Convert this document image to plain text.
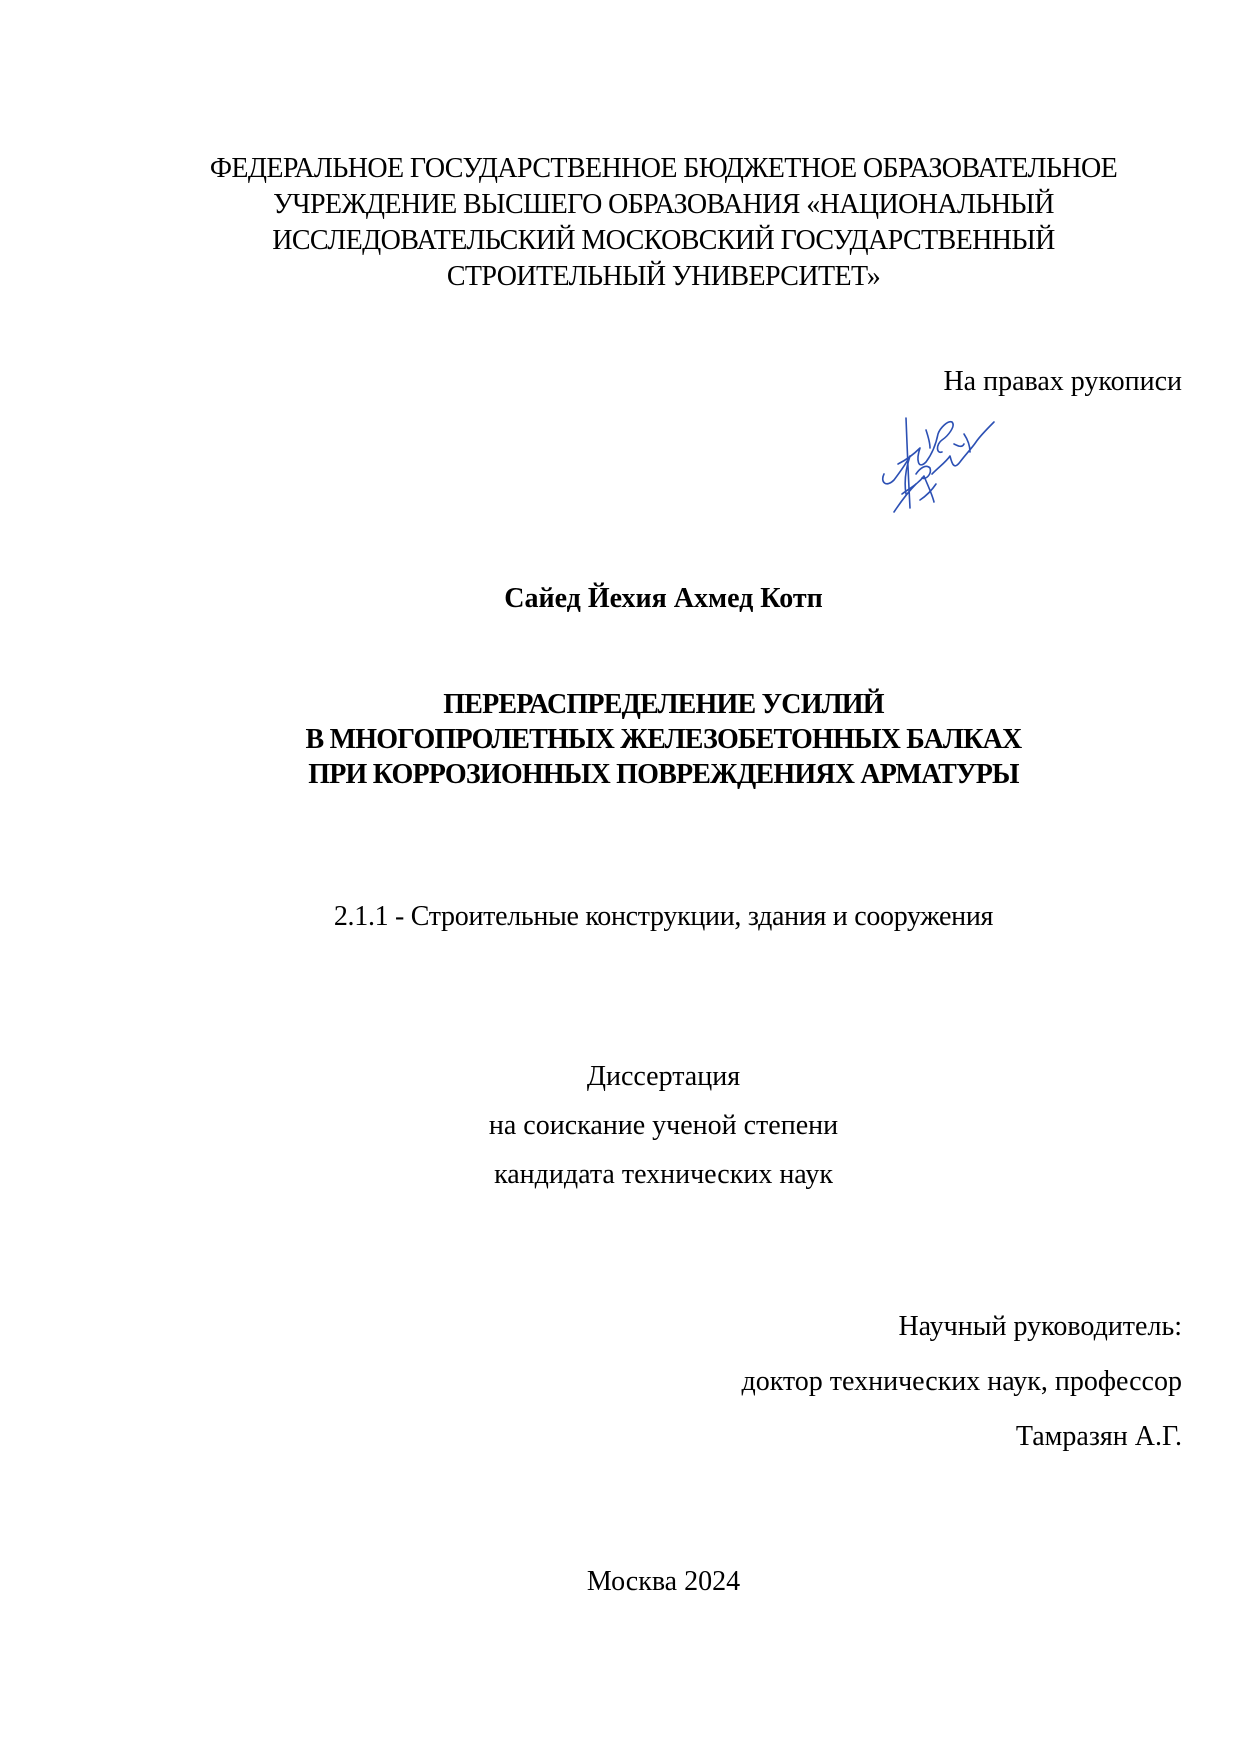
ФЕДЕРАЛЬНОЕ ГОСУДАРСТВЕННОЕ БЮДЖЕТНОЕ ОБРАЗОВАТЕЛЬНОЕ
УЧРЕЖДЕНИЕ ВЫСШЕГО ОБРАЗОВАНИЯ «НАЦИОНАЛЬНЫЙ
ИССЛЕДОВАТЕЛЬСКИЙ МОСКОВСКИЙ ГОСУДАРСТВЕННЫЙ
СТРОИТЕЛЬНЫЙ УНИВЕРСИТЕТ»
На правах рукописи
Сайед Йехия Ахмед Котп
ПЕРЕРАСПРЕДЕЛЕНИЕ УСИЛИЙ
В МНОГОПРОЛЕТНЫХ ЖЕЛЕЗОБЕТОННЫХ БАЛКАХ
ПРИ КОРРОЗИОННЫХ ПОВРЕЖДЕНИЯХ АРМАТУРЫ
2.1.1 - Строительные конструкции, здания и сооружения
Диссертация
на соискание ученой степени
кандидата технических наук
Научный руководитель:
доктор технических наук, профессор
Тамразян А.Г.
Москва 2024
